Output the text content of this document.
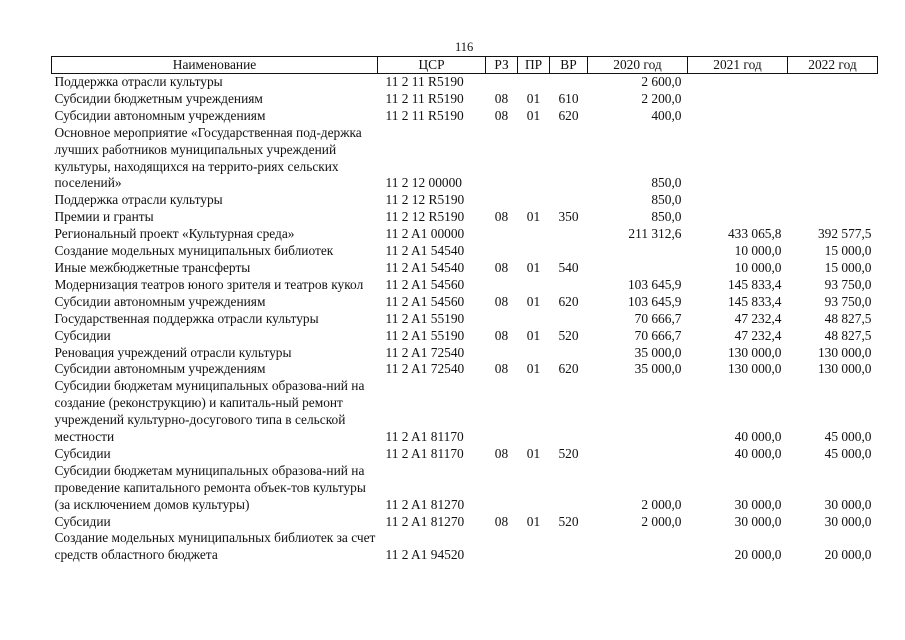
116
Наименование	ЦСР	РЗ	ПР	ВР	2020 год	2021 год	2022 год
Поддержка отрасли культуры	11 2 11 R5190				2 600,0		
Субсидии бюджетным учреждениям	11 2 11 R5190	08	01	610	2 200,0		
Субсидии автономным учреждениям	11 2 11 R5190	08	01	620	400,0		
Основное мероприятие «Государственная под-держка лучших работников муниципальных учреждений культуры, находящихся на террито-риях сельских поселений»	11 2 12 00000				850,0		
Поддержка отрасли культуры	11 2 12 R5190				850,0		
Премии и гранты	11 2 12 R5190	08	01	350	850,0		
Региональный проект «Культурная среда»	11 2 A1 00000				211 312,6	433 065,8	392 577,5
Создание модельных муниципальных библиотек	11 2 A1 54540					10 000,0	15 000,0
Иные межбюджетные трансферты	11 2 A1 54540	08	01	540		10 000,0	15 000,0
Модернизация театров юного зрителя и театров кукол	11 2 A1 54560				103 645,9	145 833,4	93 750,0
Субсидии автономным учреждениям	11 2 A1 54560	08	01	620	103 645,9	145 833,4	93 750,0
Государственная поддержка отрасли культуры	11 2 A1 55190				70 666,7	47 232,4	48 827,5
Субсидии	11 2 A1 55190	08	01	520	70 666,7	47 232,4	48 827,5
Реновация учреждений отрасли культуры	11 2 A1 72540				35 000,0	130 000,0	130 000,0
Субсидии автономным учреждениям	11 2 A1 72540	08	01	620	35 000,0	130 000,0	130 000,0
Субсидии бюджетам муниципальных образова-ний на создание (реконструкцию) и капиталь-ный ремонт учреждений культурно-досугового типа в сельской местности	11 2 A1 81170					40 000,0	45 000,0
Субсидии	11 2 A1 81170	08	01	520		40 000,0	45 000,0
Субсидии бюджетам муниципальных образова-ний на проведение капитального ремонта объек-тов культуры (за исключением домов культуры)	11 2 A1 81270				2 000,0	30 000,0	30 000,0
Субсидии	11 2 A1 81270	08	01	520	2 000,0	30 000,0	30 000,0
Создание модельных муниципальных библиотек за счет средств областного бюджета	11 2 A1 94520					20 000,0	20 000,0
